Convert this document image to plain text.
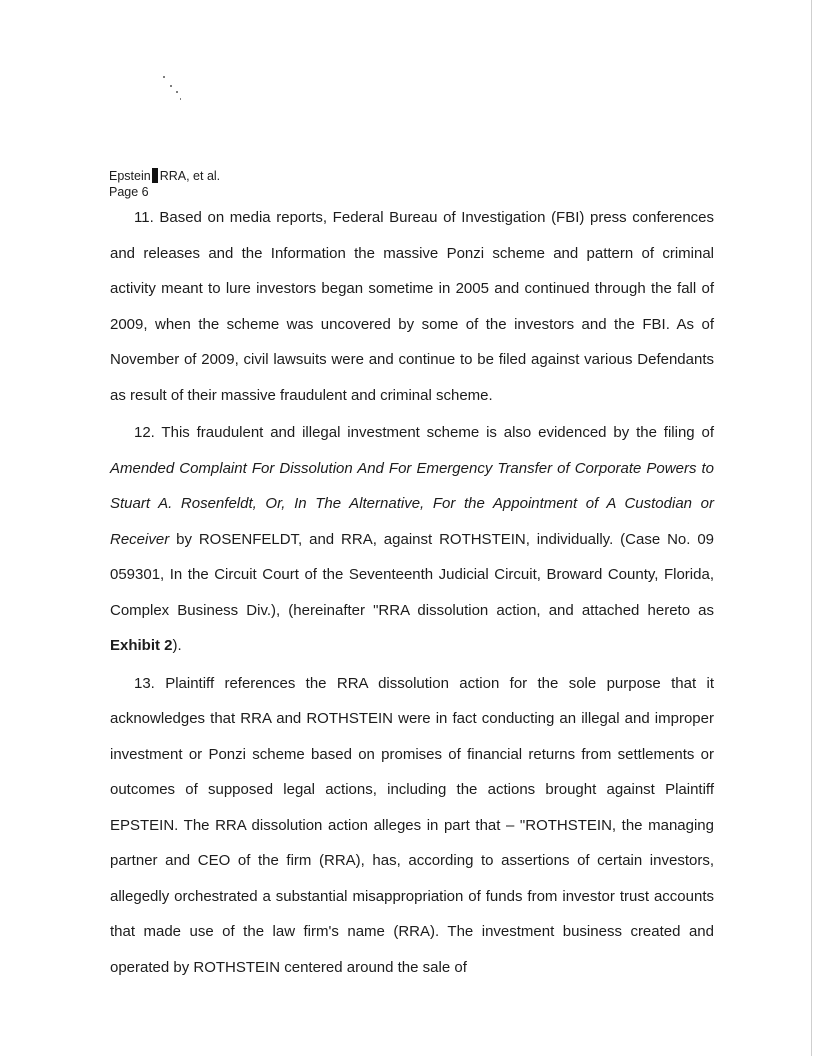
Epstein RRA, et al.
Page 6

11. Based on media reports, Federal Bureau of Investigation (FBI) press conferences and releases and the Information the massive Ponzi scheme and pattern of criminal activity meant to lure investors began sometime in 2005 and continued through the fall of 2009, when the scheme was uncovered by some of the investors and the FBI. As of November of 2009, civil lawsuits were and continue to be filed against various Defendants as result of their massive fraudulent and criminal scheme.

12. This fraudulent and illegal investment scheme is also evidenced by the filing of Amended Complaint For Dissolution And For Emergency Transfer of Corporate Powers to Stuart A. Rosenfeldt, Or, In The Alternative, For the Appointment of A Custodian or Receiver by ROSENFELDT, and RRA, against ROTHSTEIN, individually. (Case No. 09 059301, In the Circuit Court of the Seventeenth Judicial Circuit, Broward County, Florida, Complex Business Div.), (hereinafter "RRA dissolution action, and attached hereto as Exhibit 2).

13. Plaintiff references the RRA dissolution action for the sole purpose that it acknowledges that RRA and ROTHSTEIN were in fact conducting an illegal and improper investment or Ponzi scheme based on promises of financial returns from settlements or outcomes of supposed legal actions, including the actions brought against Plaintiff EPSTEIN. The RRA dissolution action alleges in part that – "ROTHSTEIN, the managing partner and CEO of the firm (RRA), has, according to assertions of certain investors, allegedly orchestrated a substantial misappropriation of funds from investor trust accounts that made use of the law firm's name (RRA). The investment business created and operated by ROTHSTEIN centered around the sale of
